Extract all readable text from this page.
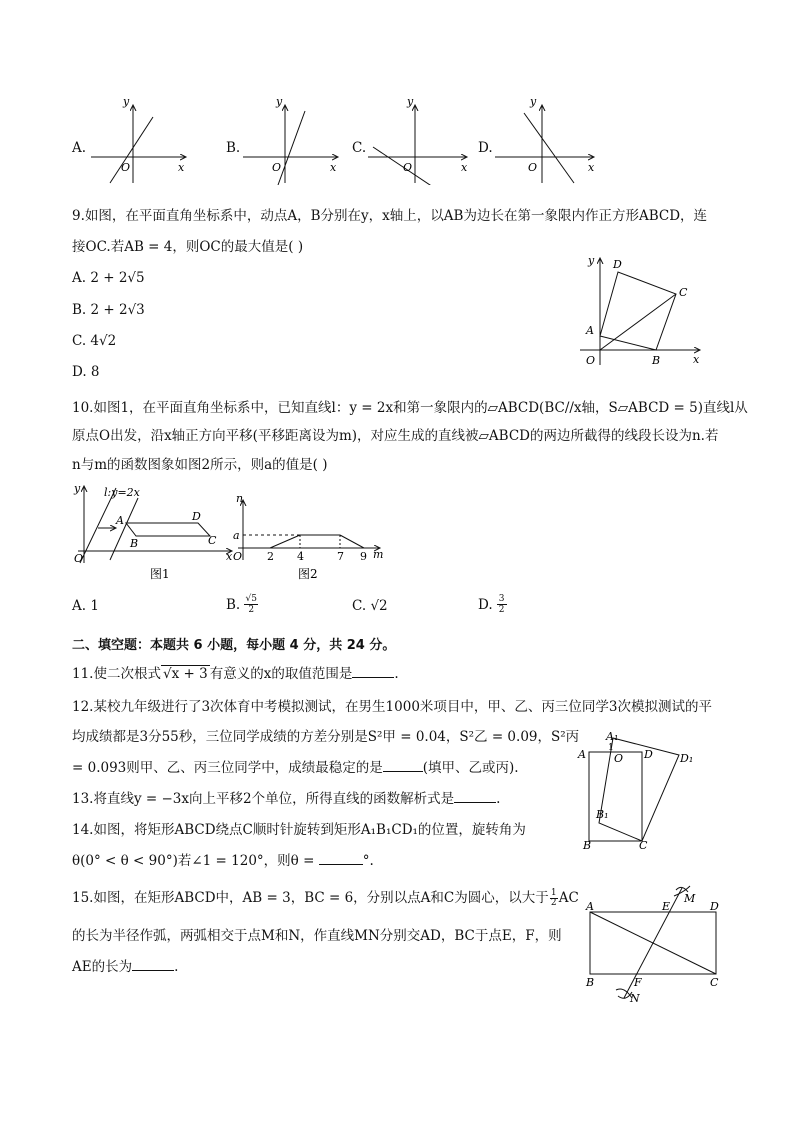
A.
y
x
O
B.
y
x
O
C.
y
x
O
D.
y
x
O
9.如图，在平面直角坐标系中，动点A，B分别在y，x轴上，以AB为边长在第一象限内作正方形ABCD，连
接OC.若AB = 4，则OC的最大值是( )
A. 2 + 2√5
B. 2 + 2√3
C. 4√2
D. 8
y
x
O
A
B
C
D
10.如图1，在平面直角坐标系中，已知直线l：y = 2x和第一象限内的▱ABCD(BC//x轴，S▱ABCD = 5)直线l从
原点O出发，沿x轴正方向平移(平移距离设为m)，对应生成的直线被▱ABCD的两边所截得的线段长设为n.若
n与m的函数图象如图2所示，则a的值是( )
y
O	x
A
B	C
D
l:y=2x
图1
n
a
O 2 4	7 9 m
图2
A. 1	B. √5
2	C. √2	D. 3
2
二、填空题：本题共 6 小题，每小题 4 分，共 24 分。
11.使二次根式 √x + 3 有意义的x的取值范围是	.
12.某校九年级进行了3次体育中考模拟测试，在男生1000米项目中，甲、乙、丙三位同学3次模拟测试的平
均成绩都是3分55秒，三位同学成绩的方差分别是S²甲 = 0.04，S²乙 = 0.09，S²丙
= 0.093则甲、乙、丙三位同学中，成绩最稳定的是	(填甲、乙或丙).
A
A₁
1
O D D₁
B₁
B	C
13.将直线y = −3x向上平移2个单位，所得直线的函数解析式是	.
14.如图，将矩形ABCD绕点C顺时针旋转到矩形A₁B₁CD₁的位置，旋转角为
θ(0° < θ < 90°)若∠1 = 120°，则θ =	°.
15.如图，在矩形ABCD中，AB = 3，BC = 6，分别以点A和C为圆心，以大于 1
2 AC
的长为半径作弧，两弧相交于点M和N，作直线MN分别交AD，BC于点E，F，则
AE的长为	.
A	E
M
D
B	F
N
C
